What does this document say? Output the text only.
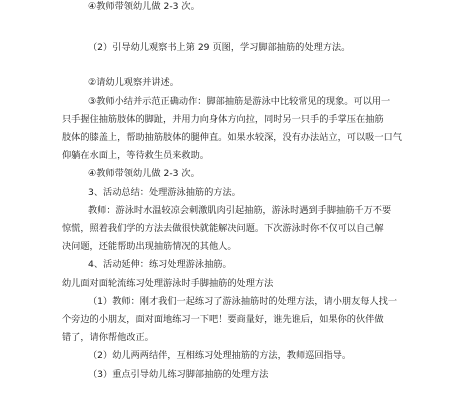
④教师带领幼儿做 2-3 次。
（2）引导幼儿观察书上第 29 页图，学习脚部抽筋的处理方法。
②请幼儿观察并讲述。
③教师小结并示范正确动作：脚部抽筋是游泳中比较常见的现象。可以用一
只手握住抽筋肢体的脚趾，并用力向身体方向拉，同时另一只手的手掌压在抽筋
肢体的膝盖上，帮助抽筋肢体的腿伸直。如果水较深，没有办法站立，可以吸一口气
仰躺在水面上，等待救生员来救助。
④教师带领幼儿做 2-3 次。
3、活动总结：处理游泳抽筋的方法。
教师：游泳时水温较凉会刺激肌肉引起抽筋，游泳时遇到手脚抽筋千万不要
惊慌，照着我们学的方法去做很快就能解决问题。下次游泳时你不仅可以自己解
决问题，还能帮助出现抽筋情况的其他人。
4、活动延伸：练习处理游泳抽筋。
幼儿面对面轮流练习处理游泳时手脚抽筋的处理方法
（1）教师：刚才我们一起练习了游泳抽筋时的处理方法，请小朋友每人找一
个旁边的小朋友，面对面地练习一下吧！要商量好，谁先谁后，如果你的伙伴做
错了，请你帮他改正。
（2）幼儿两两结伴，互相练习处理抽筋的方法，教师巡回指导。
（3）重点引导幼儿练习脚部抽筋的处理方法
